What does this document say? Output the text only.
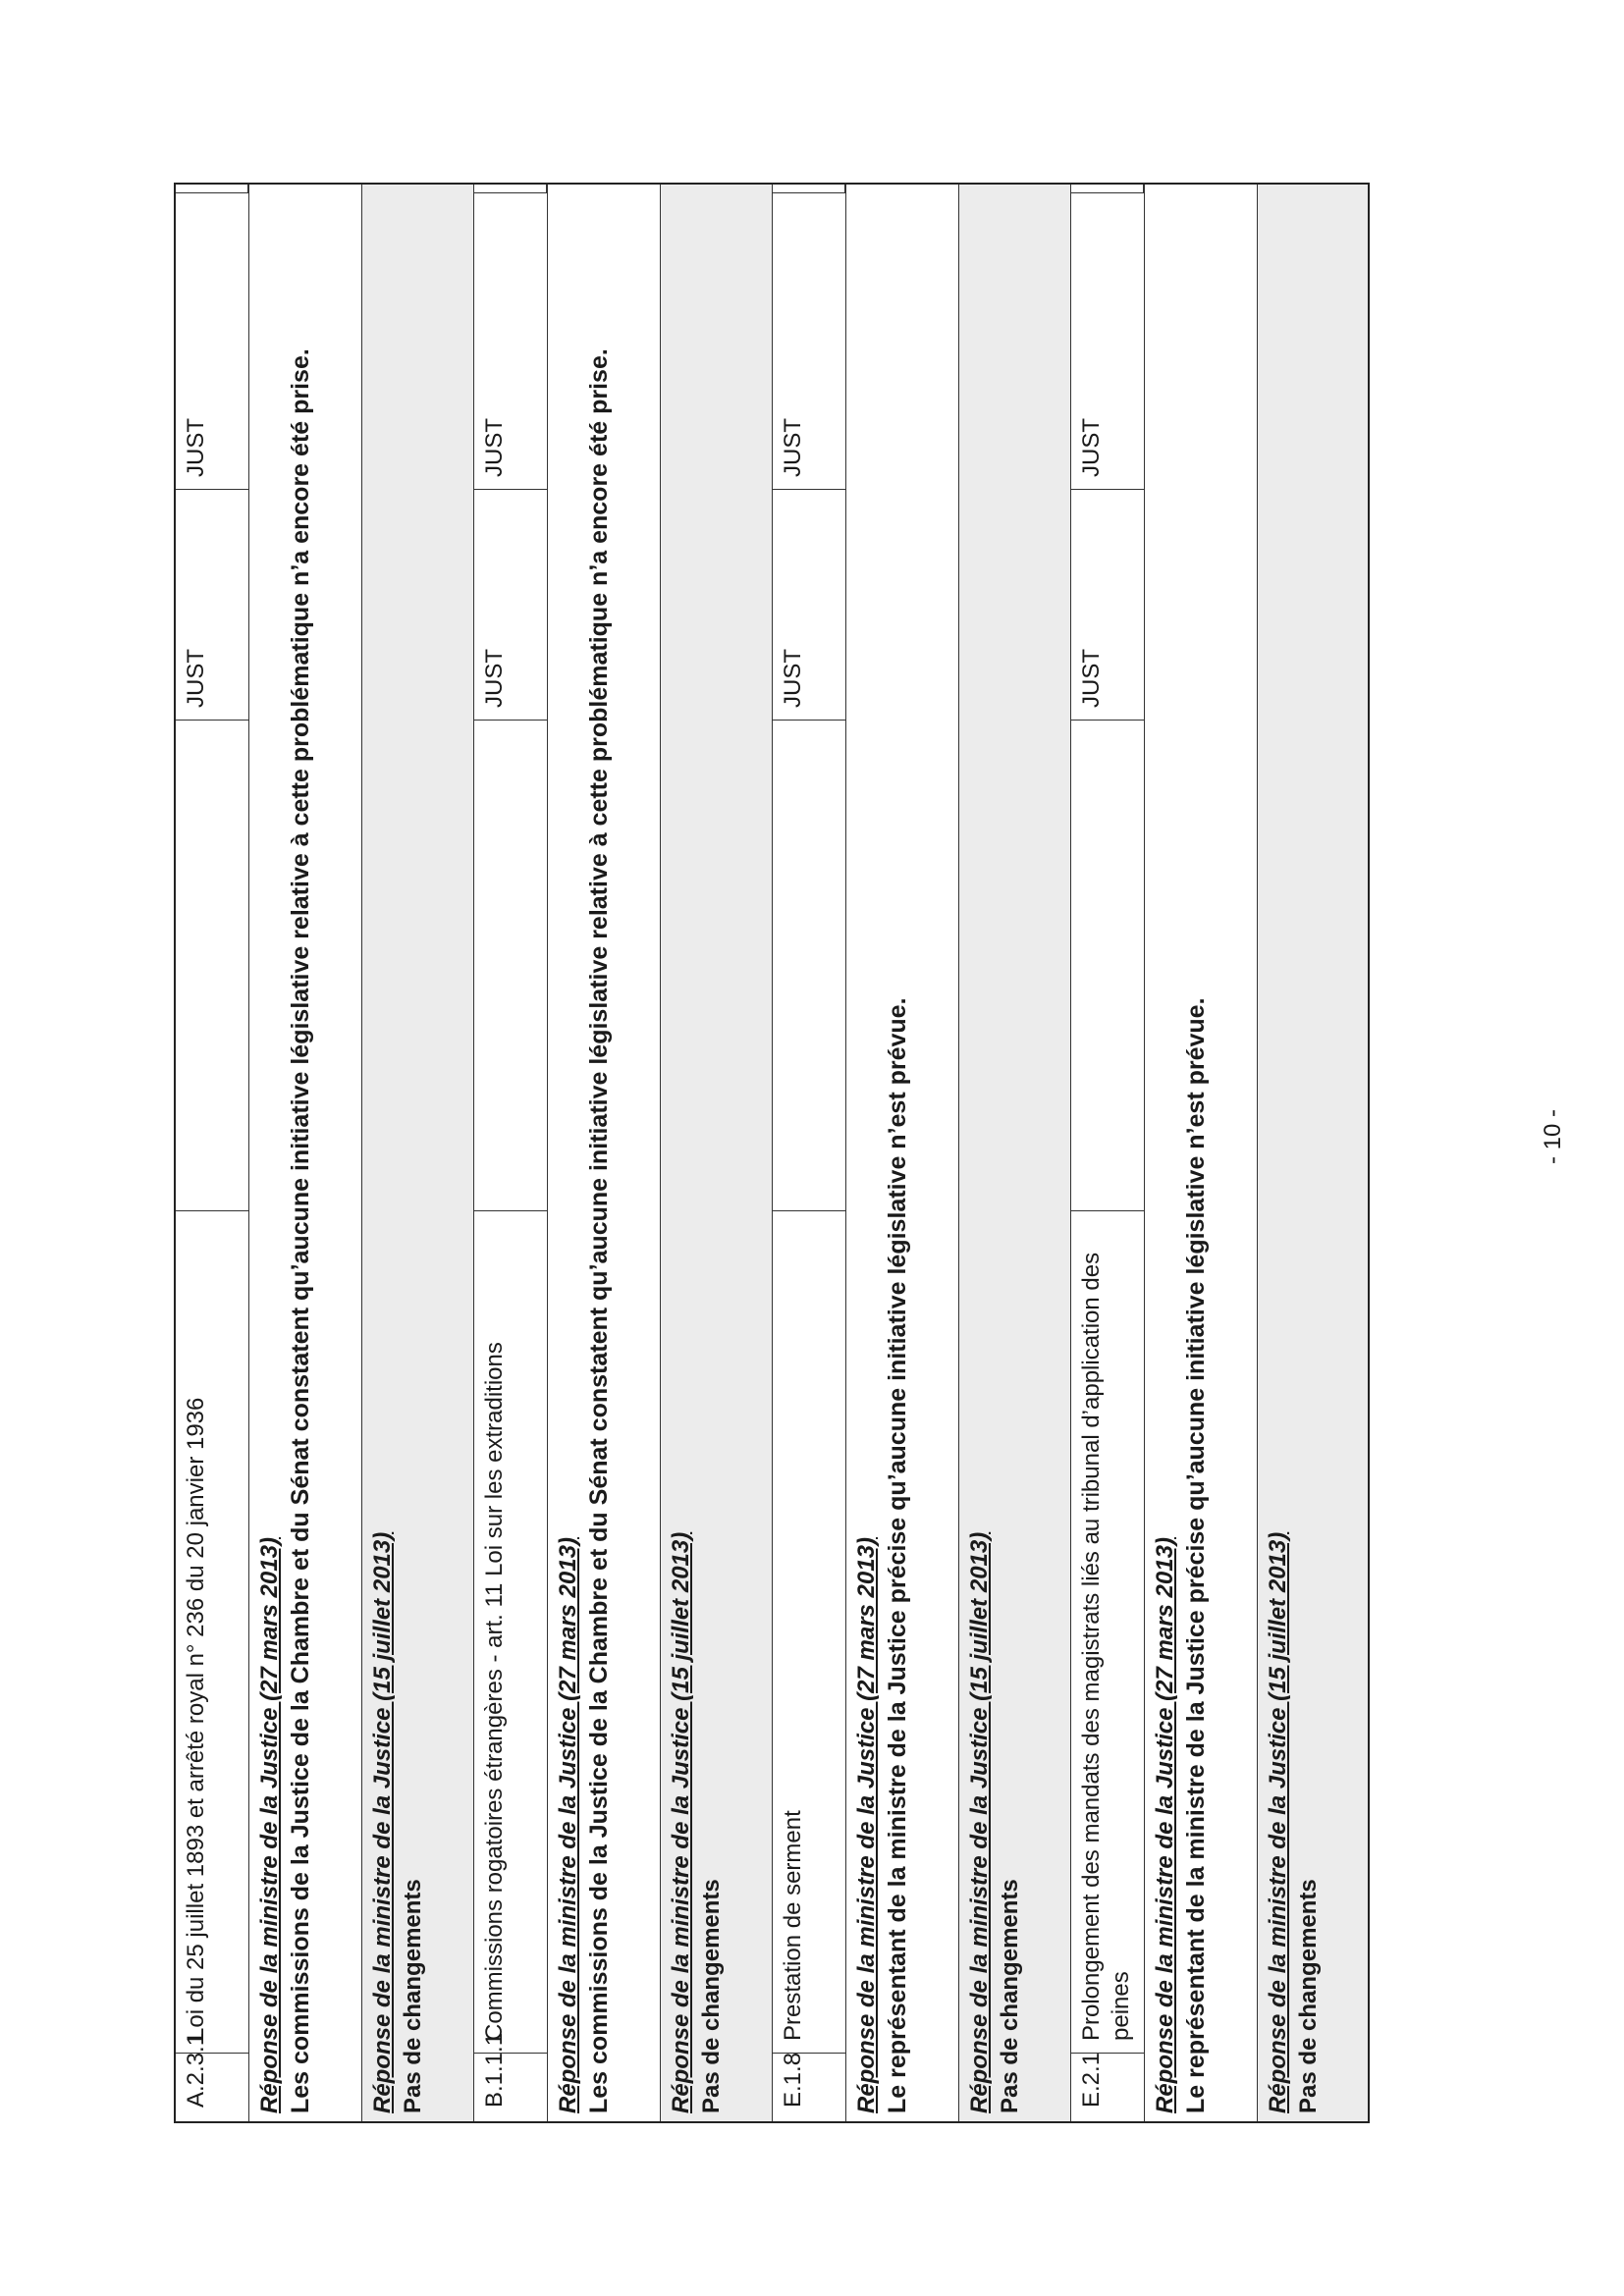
A.2.3.1
Loi du 25 juillet 1893 et arrêté royal n° 236 du 20 janvier 1936
JUST
JUST
Réponse de la ministre de la Justice (27 mars 2013) Les commissions de la Justice de la Chambre et du Sénat constatent qu’aucune initiative législative relative à cette problématique n’a encore été prise. Réponse de la ministre de la Justice (15 juillet 2013) Pas de changements B.1.1.1
Commissions rogatoires étrangères - art. 11 Loi sur les extraditions
JUST
JUST
Réponse de la ministre de la Justice (27 mars 2013) Les commissions de la Justice de la Chambre et du Sénat constatent qu’aucune initiative législative relative à cette problématique n’a encore été prise. Réponse de la ministre de la Justice (15 juillet 2013) Pas de changements E.1.8
Prestation de serment
JUST
JUST
Réponse de la ministre de la Justice (27 mars 2013) Le représentant de la ministre de la Justice précise qu’aucune initiative législative n’est prévue. Réponse de la ministre de la Justice (15 juillet 2013) Pas de changements E.2.1
Prolongement des mandats des magistrats liés au tribunal d’application des peines
JUST
JUST
Réponse de la ministre de la Justice (27 mars 2013) Le représentant de la ministre de la Justice précise qu’aucune initiative législative n’est prévue. Réponse de la ministre de la Justice (15 juillet 2013) Pas de changements
- 10 -
